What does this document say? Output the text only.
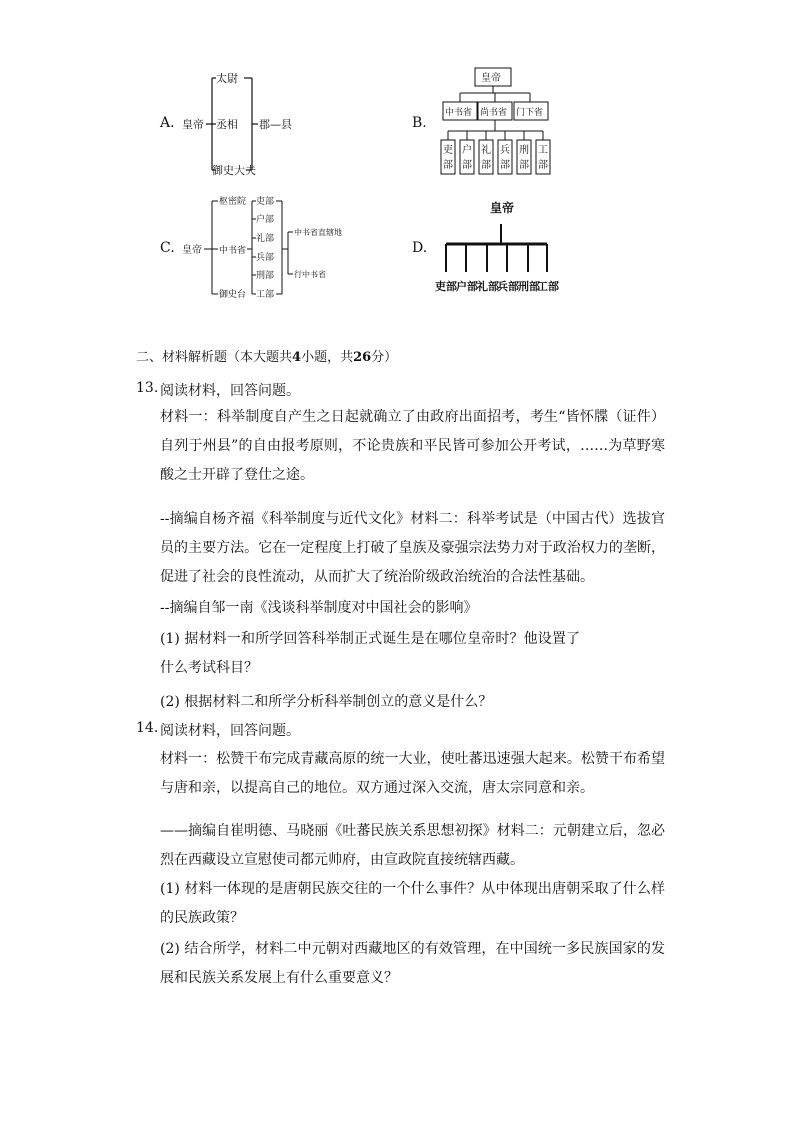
A. 皇帝
太尉
丞相
御史大夫
郡—县	B.
皇帝
中书省 尚书省 门下省
吏部
户部
礼部
兵部
刑部
工部
C. 皇帝
枢密院
中书省
御史台
吏部
户部
礼部
兵部
刑部
工部
中书省直辖地
行中书省
D.
皇帝
吏部 户部 礼部
兵部 刑部
工部
二、材料解析题（本大题共4小题，共26分）
13. 阅读材料，回答问题。
材料一：科举制度自产生之日起就确立了由政府出面招考，考生“皆怀牒（证件）自列于州县”的自由报考原则，不论贵族和平民皆可参加公开考试，……为草野寒酸之士开辟了登仕之途。
--摘编自杨齐福《科举制度与近代文化》材料二：科举考试是（中国古代）选拔官员的主要方法。它在一定程度上打破了皇族及豪强宗法势力对于政治权力的垄断，促进了社会的良性流动，从而扩大了统治阶级政治统治的合法性基础。
--摘编自邹一南《浅谈科举制度对中国社会的影响》
(1) 据材料一和所学回答科举制正式诞生是在哪位皇帝时？他设置了什么考试科目？
(2) 根据材料二和所学分析科举制创立的意义是什么？
14. 阅读材料，回答问题。
材料一：松赞干布完成青藏高原的统一大业，使吐蕃迅速强大起来。松赞干布希望与唐和亲，以提高自己的地位。双方通过深入交流，唐太宗同意和亲。
——摘编自崔明德、马晓丽《吐蕃民族关系思想初探》材料二：元朝建立后，忽必烈在西藏设立宣慰使司都元帅府，由宣政院直接统辖西藏。
(1) 材料一体现的是唐朝民族交往的一个什么事件？从中体现出唐朝采取了什么样的民族政策？
(2) 结合所学，材料二中元朝对西藏地区的有效管理，在中国统一多民族国家的发展和民族关系发展上有什么重要意义？
